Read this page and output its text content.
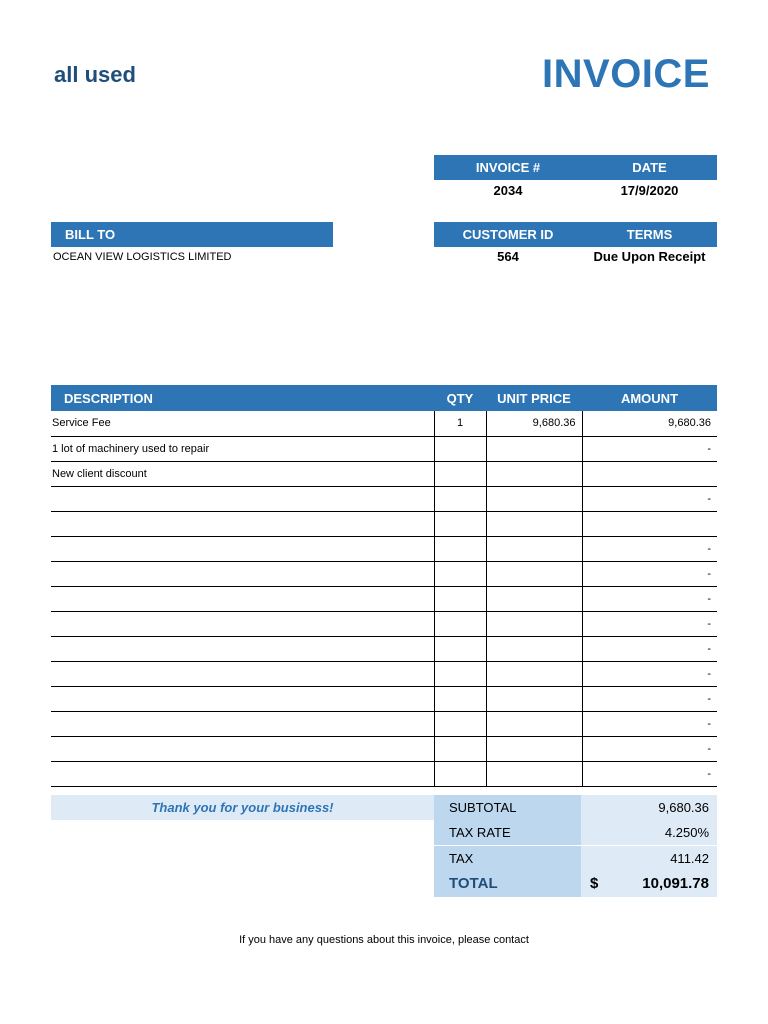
all used	INVOICE
INVOICE #	DATE
2034	17/9/2020
BILL TO
OCEAN VIEW LOGISTICS LIMITED
CUSTOMER ID	TERMS
564	Due Upon Receipt
DESCRIPTION	QTY	UNIT PRICE	AMOUNT
Service Fee	1	9,680.36	9,680.36
1 lot of machinery used to repair			-
New client discount			
			-

			-
			-
			-
			-
			-
			-
			-
			-
			-
			-
Thank you for your business!	SUBTOTAL	9,680.36
TAX RATE	4.250%
TAX	411.42
TOTAL	$	10,091.78
If you have any questions about this invoice, please contact
